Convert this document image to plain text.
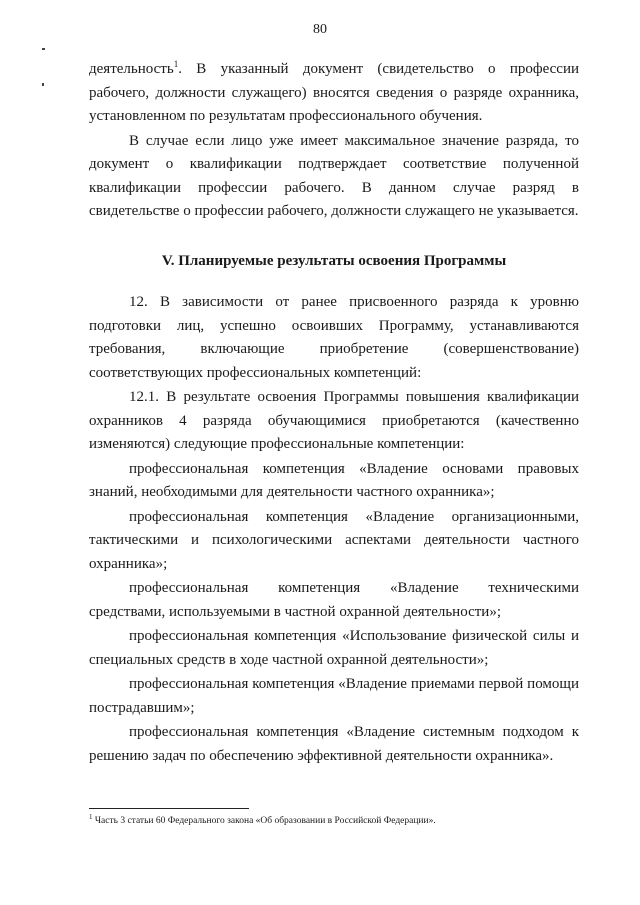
80

деятельность$^1$. В указанный документ (свидетельство о профессии рабочего, должности служащего) вносятся сведения о разряде охранника, установленном по результатам профессионального обучения.

В случае если лицо уже имеет максимальное значение разряда, то документ о квалификации подтверждает соответствие полученной квалификации профессии рабочего. В данном случае разряд в свидетельстве о профессии рабочего, должности служащего не указывается.

V. Планируемые результаты освоения Программы

12. В зависимости от ранее присвоенного разряда к уровню подготовки лиц, успешно освоивших Программу, устанавливаются требования, включающие приобретение (совершенствование) соответствующих профессиональных компетенций:

12.1. В результате освоения Программы повышения квалификации охранников 4 разряда обучающимися приобретаются (качественно изменяются) следующие профессиональные компетенции:

профессиональная компетенция «Владение основами правовых знаний, необходимыми для деятельности частного охранника»;

профессиональная компетенция «Владение организационными, тактическими и психологическими аспектами деятельности частного охранника»;

профессиональная компетенция «Владение техническими средствами, используемыми в частной охранной деятельности»;

профессиональная компетенция «Использование физической силы и специальных средств в ходе частной охранной деятельности»;

профессиональная компетенция «Владение приемами первой помощи пострадавшим»;

профессиональная компетенция «Владение системным подходом к решению задач по обеспечению эффективной деятельности охранника».

$^1$ Часть 3 статьи 60 Федерального закона «Об образовании в Российской Федерации».
